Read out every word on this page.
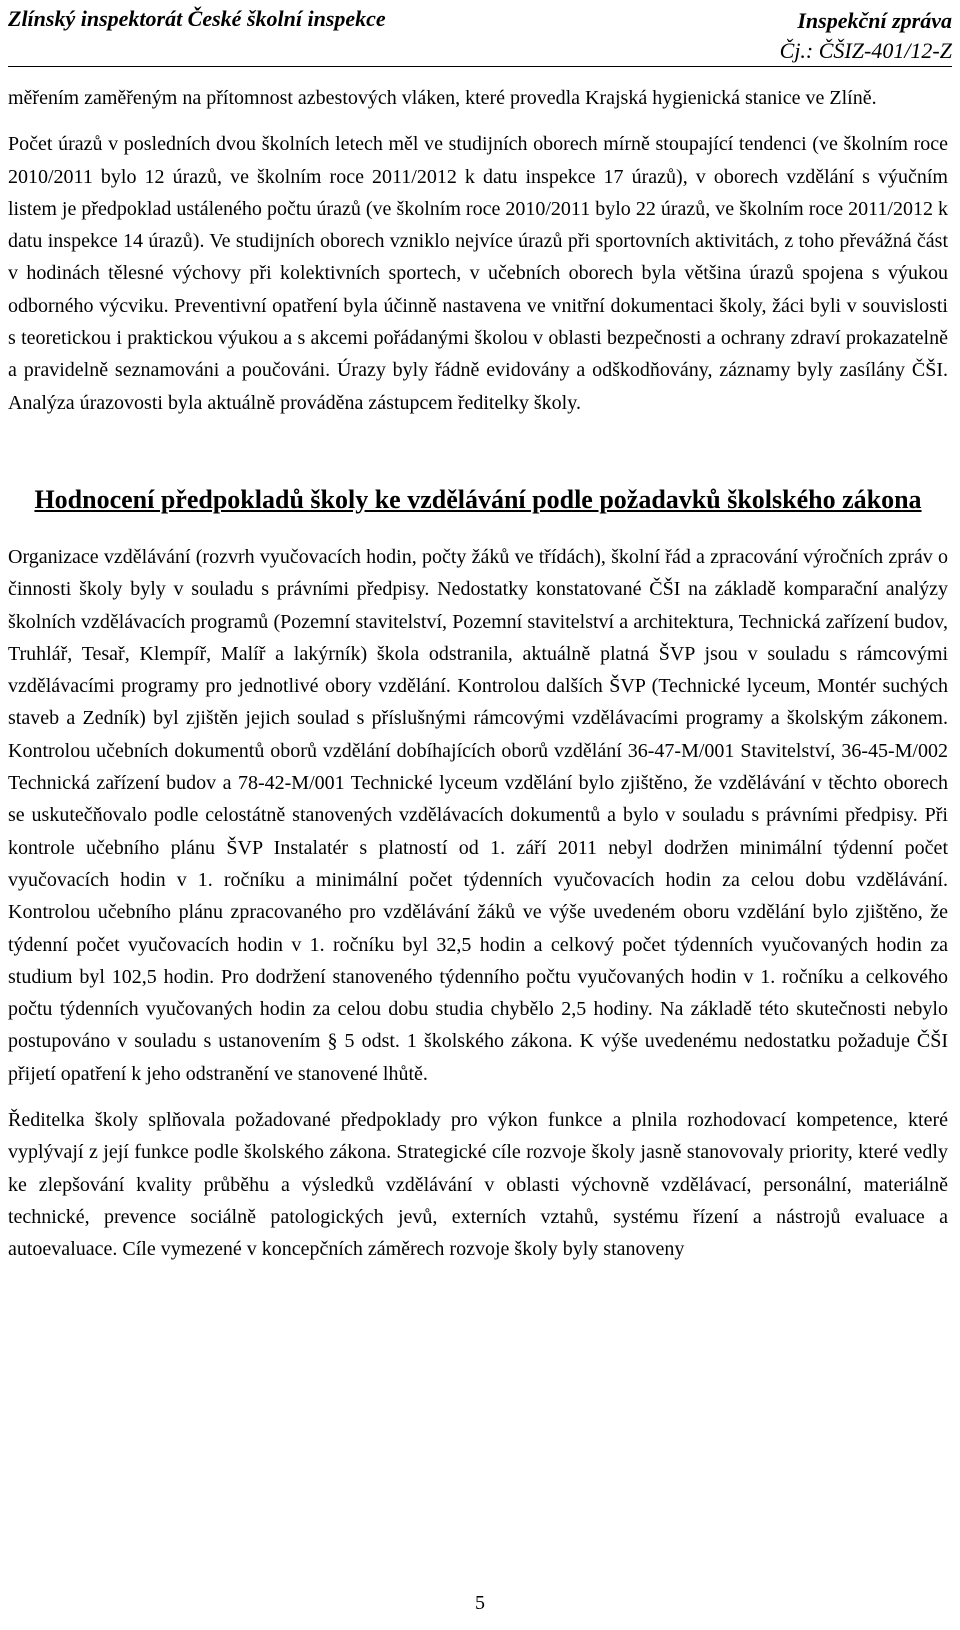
Zlínský inspektorát České školní inspekce	Inspekční zpráva
Čj.: ČŠIZ-401/12-Z

měřením zaměřeným na přítomnost azbestových vláken, které provedla Krajská hygienická stanice ve Zlíně.

Počet úrazů v posledních dvou školních letech měl ve studijních oborech mírně stoupající tendenci (ve školním roce 2010/2011 bylo 12 úrazů, ve školním roce 2011/2012 k datu inspekce 17 úrazů), v oborech vzdělání s výučním listem je předpoklad ustáleného počtu úrazů (ve školním roce 2010/2011 bylo 22 úrazů, ve školním roce 2011/2012 k datu inspekce 14 úrazů). Ve studijních oborech vzniklo nejvíce úrazů při sportovních aktivitách, z toho převážná část v hodinách tělesné výchovy při kolektivních sportech, v učebních oborech byla většina úrazů spojena s výukou odborného výcviku. Preventivní opatření byla účinně nastavena ve vnitřní dokumentaci školy, žáci byli v souvislosti s teoretickou i praktickou výukou a s akcemi pořádanými školou v oblasti bezpečnosti a ochrany zdraví prokazatelně a pravidelně seznamováni a poučováni. Úrazy byly řádně evidovány a odškodňovány, záznamy byly zasílány ČŠI. Analýza úrazovosti byla aktuálně prováděna zástupcem ředitelky školy.

Hodnocení předpokladů školy ke vzdělávání podle požadavků školského zákona

Organizace vzdělávání (rozvrh vyučovacích hodin, počty žáků ve třídách), školní řád a zpracování výročních zpráv o činnosti školy byly v souladu s právními předpisy. Nedostatky konstatované ČŠI na základě komparační analýzy školních vzdělávacích programů (Pozemní stavitelství, Pozemní stavitelství a architektura, Technická zařízení budov, Truhlář, Tesař, Klempíř, Malíř a lakýrník) škola odstranila, aktuálně platná ŠVP jsou v souladu s rámcovými vzdělávacími programy pro jednotlivé obory vzdělání. Kontrolou dalších ŠVP (Technické lyceum, Montér suchých staveb a Zedník) byl zjištěn jejich soulad s příslušnými rámcovými vzdělávacími programy a školským zákonem. Kontrolou učebních dokumentů oborů vzdělání dobíhajících oborů vzdělání 36-47-M/001 Stavitelství, 36-45-M/002 Technická zařízení budov a 78-42-M/001 Technické lyceum vzdělání bylo zjištěno, že vzdělávání v těchto oborech se uskutečňovalo podle celostátně stanovených vzdělávacích dokumentů a bylo v souladu s právními předpisy. Při kontrole učebního plánu ŠVP Instalatér s platností od 1. září 2011 nebyl dodržen minimální týdenní počet vyučovacích hodin v 1. ročníku a minimální počet týdenních vyučovacích hodin za celou dobu vzdělávání. Kontrolou učebního plánu zpracovaného pro vzdělávání žáků ve výše uvedeném oboru vzdělání bylo zjištěno, že týdenní počet vyučovacích hodin v 1. ročníku byl 32,5 hodin a celkový počet týdenních vyučovaných hodin za studium byl 102,5 hodin. Pro dodržení stanoveného týdenního počtu vyučovaných hodin v 1. ročníku a celkového počtu týdenních vyučovaných hodin za celou dobu studia chybělo 2,5 hodiny. Na základě této skutečnosti nebylo postupováno v souladu s ustanovením § 5 odst. 1 školského zákona. K výše uvedenému nedostatku požaduje ČŠI přijetí opatření k jeho odstranění ve stanovené lhůtě.

Ředitelka školy splňovala požadované předpoklady pro výkon funkce a plnila rozhodovací kompetence, které vyplývají z její funkce podle školského zákona. Strategické cíle rozvoje školy jasně stanovovaly priority, které vedly ke zlepšování kvality průběhu a výsledků vzdělávání v oblasti výchovně vzdělávací, personální, materiálně technické, prevence sociálně patologických jevů, externích vztahů, systému řízení a nástrojů evaluace a autoevaluace. Cíle vymezené v koncepčních záměrech rozvoje školy byly stanoveny

5
